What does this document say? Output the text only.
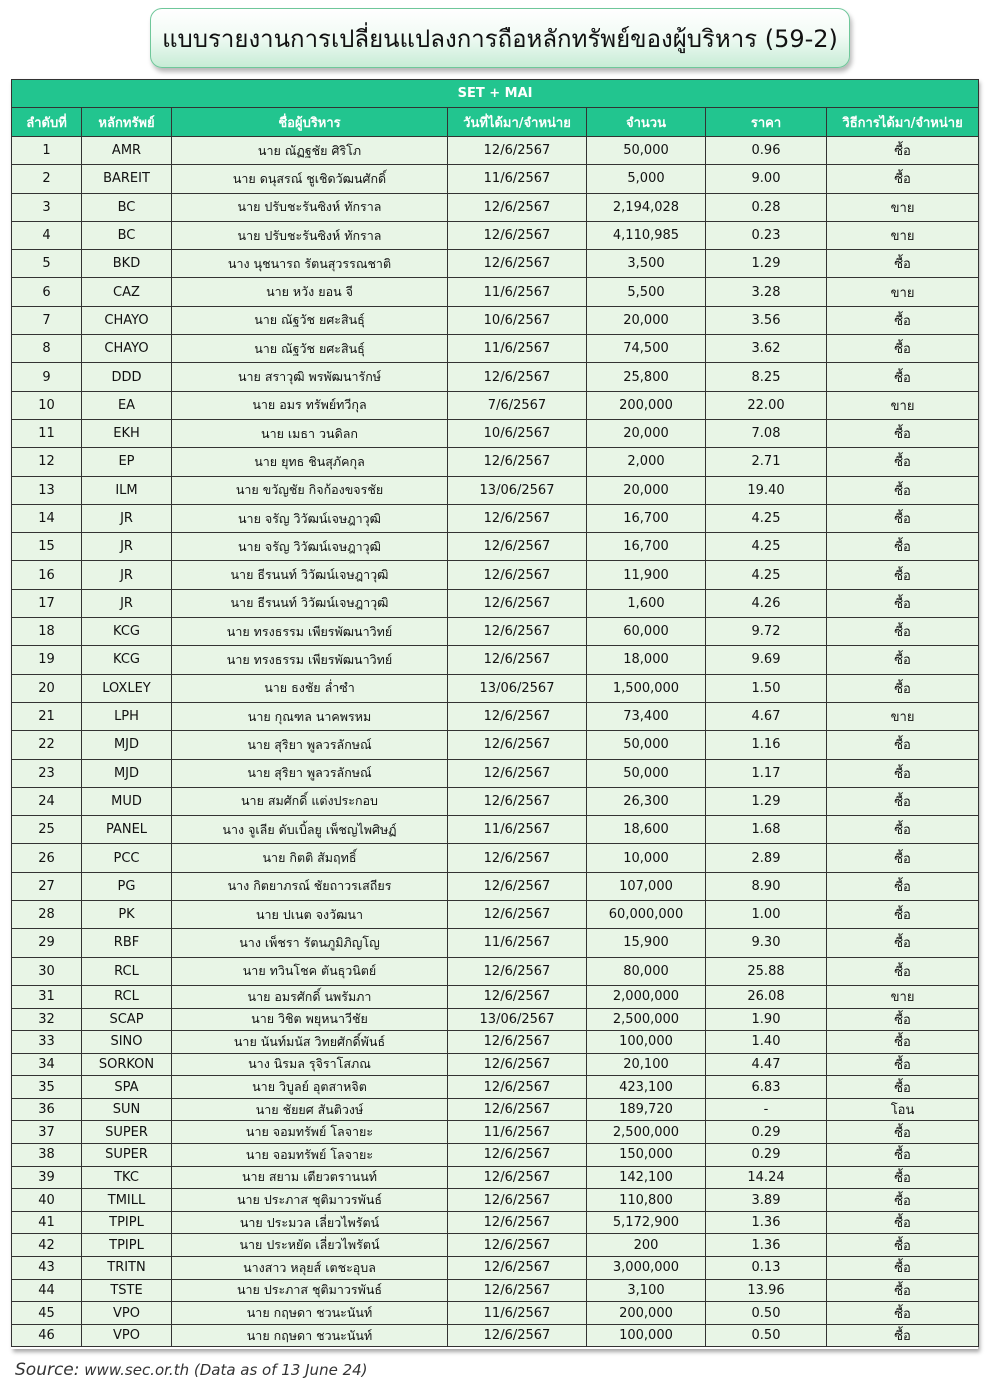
แบบรายงานการเปลี่ยนแปลงการถือหลักทรัพย์ของผู้บริหาร (59-2)
SET + MAI						
ลำดับที่	หลักทรัพย์	ชื่อผู้บริหาร	วันที่ได้มา/จำหน่าย	จำนวน	ราคา	วิธีการได้มา/จำหน่าย
1	AMR	นาย ณัฏฐชัย ศิริโภ	12/6/2567	50,000	0.96	ซื้อ
2	BAREIT	นาย ดนุสรณ์ ชูเชิดวัฒนศักดิ์	11/6/2567	5,000	9.00	ซื้อ
3	BC	นาย ปรับชะรันซิงห์ ทักราล	12/6/2567	2,194,028	0.28	ขาย
4	BC	นาย ปรับชะรันซิงห์ ทักราล	12/6/2567	4,110,985	0.23	ขาย
5	BKD	นาง นุชนารถ รัตนสุวรรณชาติ	12/6/2567	3,500	1.29	ซื้อ
6	CAZ	นาย หวัง ยอน จี	11/6/2567	5,500	3.28	ขาย
7	CHAYO	นาย ณัฐวัช ยศะสินธุ์	10/6/2567	20,000	3.56	ซื้อ
8	CHAYO	นาย ณัฐวัช ยศะสินธุ์	11/6/2567	74,500	3.62	ซื้อ
9	DDD	นาย สราวุฒิ พรพัฒนารักษ์	12/6/2567	25,800	8.25	ซื้อ
10	EA	นาย อมร ทรัพย์ทวีกุล	7/6/2567	200,000	22.00	ขาย
11	EKH	นาย เมธา วนดิลก	10/6/2567	20,000	7.08	ซื้อ
12	EP	นาย ยุทธ ชินสุภัคกุล	12/6/2567	2,000	2.71	ซื้อ
13	ILM	นาย ขวัญชัย กิจก้องขจรชัย	13/06/2567	20,000	19.40	ซื้อ
14	JR	นาย จรัญ วิวัฒน์เจษฎาวุฒิ	12/6/2567	16,700	4.25	ซื้อ
15	JR	นาย จรัญ วิวัฒน์เจษฎาวุฒิ	12/6/2567	16,700	4.25	ซื้อ
16	JR	นาย ธีรนนท์ วิวัฒน์เจษฎาวุฒิ	12/6/2567	11,900	4.25	ซื้อ
17	JR	นาย ธีรนนท์ วิวัฒน์เจษฎาวุฒิ	12/6/2567	1,600	4.26	ซื้อ
18	KCG	นาย ทรงธรรม เพียรพัฒนาวิทย์	12/6/2567	60,000	9.72	ซื้อ
19	KCG	นาย ทรงธรรม เพียรพัฒนาวิทย์	12/6/2567	18,000	9.69	ซื้อ
20	LOXLEY	นาย ธงชัย ล่ำซำ	13/06/2567	1,500,000	1.50	ซื้อ
21	LPH	นาย กุณฑล นาคพรหม	12/6/2567	73,400	4.67	ขาย
22	MJD	นาย สุริยา พูลวรลักษณ์	12/6/2567	50,000	1.16	ซื้อ
23	MJD	นาย สุริยา พูลวรลักษณ์	12/6/2567	50,000	1.17	ซื้อ
24	MUD	นาย สมศักดิ์ แต่งประกอบ	12/6/2567	26,300	1.29	ซื้อ
25	PANEL	นาง จูเลีย ดับเบิ้ลยู เพ็ชญไพศิษฏ์	11/6/2567	18,600	1.68	ซื้อ
26	PCC	นาย กิตติ สัมฤทธิ์	12/6/2567	10,000	2.89	ซื้อ
27	PG	นาง กิตยาภรณ์ ชัยถาวรเสถียร	12/6/2567	107,000	8.90	ซื้อ
28	PK	นาย ปเนต จงวัฒนา	12/6/2567	60,000,000	1.00	ซื้อ
29	RBF	นาง เพ็ชรา รัตนภูมิภิญโญ	11/6/2567	15,900	9.30	ซื้อ
30	RCL	นาย ทวินโชค ตันธุวนิตย์	12/6/2567	80,000	25.88	ซื้อ
31	RCL	นาย อมรศักดิ์ นพรัมภา	12/6/2567	2,000,000	26.08	ขาย
32	SCAP	นาย วิชิต พยุหนาวีชัย	13/06/2567	2,500,000	1.90	ซื้อ
33	SINO	นาย นันท์มนัส วิทยศักดิ์พันธ์	12/6/2567	100,000	1.40	ซื้อ
34	SORKON	นาง นิรมล รุจิราโสภณ	12/6/2567	20,100	4.47	ซื้อ
35	SPA	นาย วิบูลย์ อุตสาหจิต	12/6/2567	423,100	6.83	ซื้อ
36	SUN	นาย ชัยยศ สันติวงษ์	12/6/2567	189,720	-	โอน
37	SUPER	นาย จอมทรัพย์ โลจายะ	11/6/2567	2,500,000	0.29	ซื้อ
38	SUPER	นาย จอมทรัพย์ โลจายะ	12/6/2567	150,000	0.29	ซื้อ
39	TKC	นาย สยาม เตียวตรานนท์	12/6/2567	142,100	14.24	ซื้อ
40	TMILL	นาย ประภาส ชุติมาวรพันธ์	12/6/2567	110,800	3.89	ซื้อ
41	TPIPL	นาย ประมวล เลี่ยวไพรัตน์	12/6/2567	5,172,900	1.36	ซื้อ
42	TPIPL	นาย ประหยัด เลี่ยวไพรัตน์	12/6/2567	200	1.36	ซื้อ
43	TRITN	นางสาว หลุยส์ เตชะอุบล	12/6/2567	3,000,000	0.13	ซื้อ
44	TSTE	นาย ประภาส ชุติมาวรพันธ์	12/6/2567	3,100	13.96	ซื้อ
45	VPO	นาย กฤษดา ชวนะนันท์	11/6/2567	200,000	0.50	ซื้อ
46	VPO	นาย กฤษดา ชวนะนันท์	12/6/2567	100,000	0.50	ซื้อ
Source: www.sec.or.th (Data as of 13 June 24)
